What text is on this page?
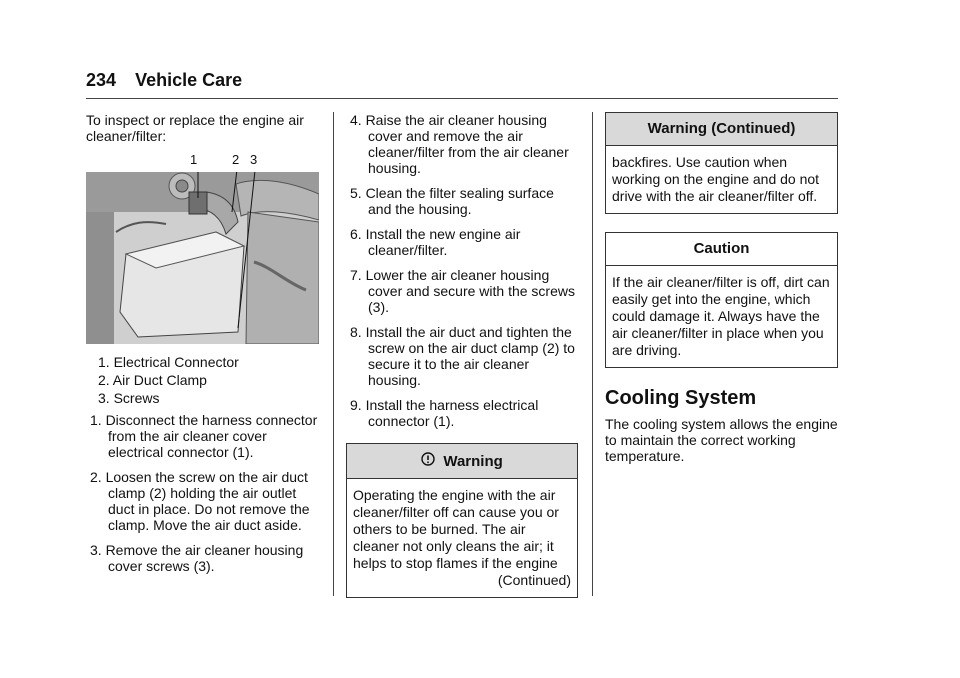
234 Vehicle Care

To inspect or replace the engine air cleaner/filter:

1	2 3
1. Electrical Connector
2. Air Duct Clamp
3. Screws
1. Disconnect the harness connector from the air cleaner cover electrical connector (1).
2. Loosen the screw on the air duct clamp (2) holding the air outlet duct in place. Do not remove the clamp. Move the air duct aside.
3. Remove the air cleaner housing cover screws (3).
4. Raise the air cleaner housing cover and remove the air cleaner/filter from the air cleaner housing.
5. Clean the filter sealing surface and the housing.
6. Install the new engine air cleaner/filter.
7. Lower the air cleaner housing cover and secure with the screws (3).
8. Install the air duct and tighten the screw on the air duct clamp (2) to secure it to the air cleaner housing.
9. Install the harness electrical connector (1).
Warning

Operating the engine with the air cleaner/filter off can cause you or others to be burned. The air cleaner not only cleans the air; it helps to stop flames if the engine

(Continued)

Warning (Continued)

backfires. Use caution when working on the engine and do not drive with the air cleaner/filter off.

Caution

If the air cleaner/filter is off, dirt can easily get into the engine, which could damage it. Always have the air cleaner/filter in place when you are driving.

Cooling System

The cooling system allows the engine to maintain the correct working temperature.
